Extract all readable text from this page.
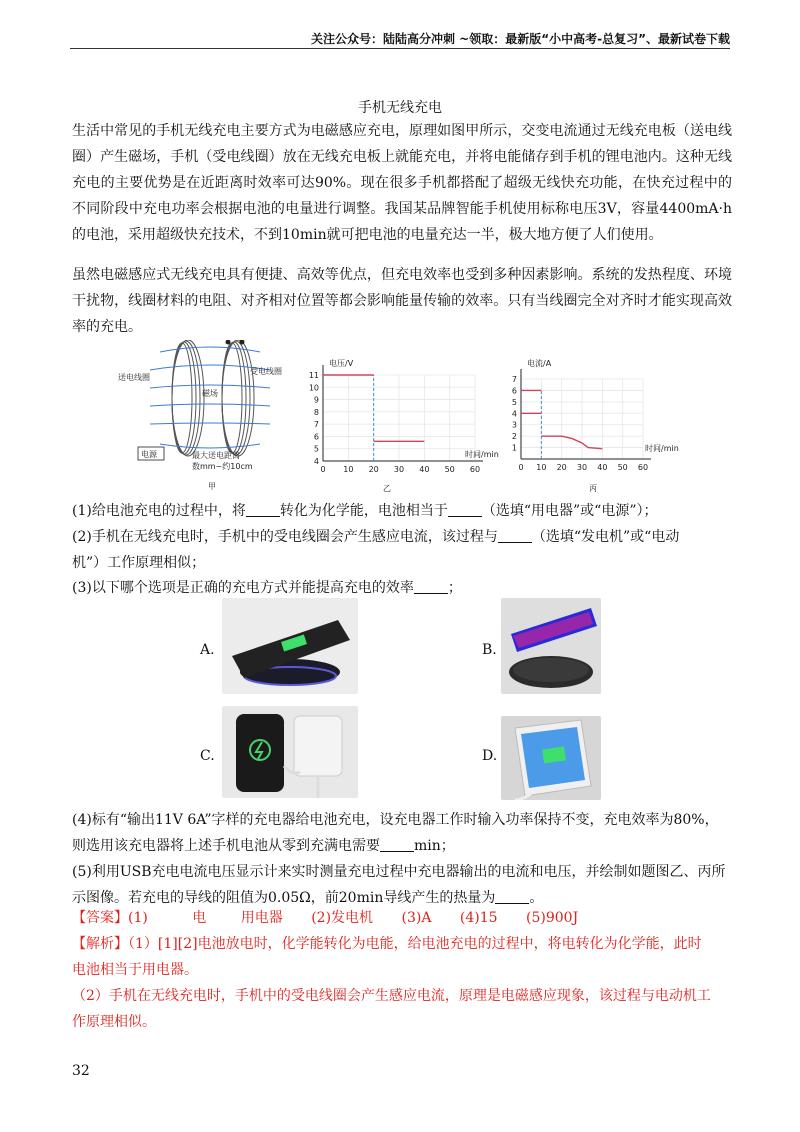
关注公众号：陆陆高分冲刺 ~领取：最新版“小中高考-总复习”、最新试卷下载
手机无线充电
生活中常见的手机无线充电主要方式为电磁感应充电，原理如图甲所示，交变电流通过无线充电板（送电线圈）产生磁场，手机（受电线圈）放在无线充电板上就能充电，并将电能储存到手机的锂电池内。这种无线充电的主要优势是在近距离时效率可达90%。现在很多手机都搭配了超级无线快充功能，在快充过程中的不同阶段中充电功率会根据电池的电量进行调整。我国某品牌智能手机使用标称电压3V，容量4400mA·h的电池，采用超级快充技术，不到10min就可把电池的电量充达一半，极大地方便了人们使用。
虽然电磁感应式无线充电具有便捷、高效等优点，但充电效率也受到多种因素影响。系统的发热程度、环境干扰物，线圈材料的电阻、对齐相对位置等都会影响能量传输的效率。只有当线圈完全对齐时才能实现高效率的充电。
送电线圈
受电线圈
磁场
电源	最大送电距离
数mm~约10cm
甲
电压/V
时间/min
乙
0 10 20 30 40 50 60
4
5
6
7
8
9
10
11
电流/A
时间/min
丙
0 10 20 30 40 50 60
1
2
3
4
5
6
7
(1)给电池充电的过程中，将 转化为化学能，电池相当于 （选填“用电器”或“电源”）；
(2)手机在无线充电时，手机中的受电线圈会产生感应电流，该过程与 （选填“发电机”或“电动
机”）工作原理相似；
(3)以下哪个选项是正确的充电方式并能提高充电的效率 ；
A.	B.
C.	D.
(4)标有“输出11V 6A”字样的充电器给电池充电，设充电器工作时输入功率保持不变，充电效率为80%，
则选用该充电器将上述手机电池从零到充满电需要 min；
(5)利用USB充电电流电压显示计来实时测量充电过程中充电器输出的电流和电压，并绘制如题图乙、丙所
示图像。若充电的导线的阻值为0.05Ω，前20min导线产生的热量为 。
【答案】(1)	电 用电器 (2)发电机 (3)A (4)15 (5)900J
【解析】（1）[1][2]电池放电时，化学能转化为电能，给电池充电的过程中，将电转化为化学能，此时
电池相当于用电器。
（2）手机在无线充电时，手机中的受电线圈会产生感应电流，原理是电磁感应现象，该过程与电动机工
作原理相似。
32
